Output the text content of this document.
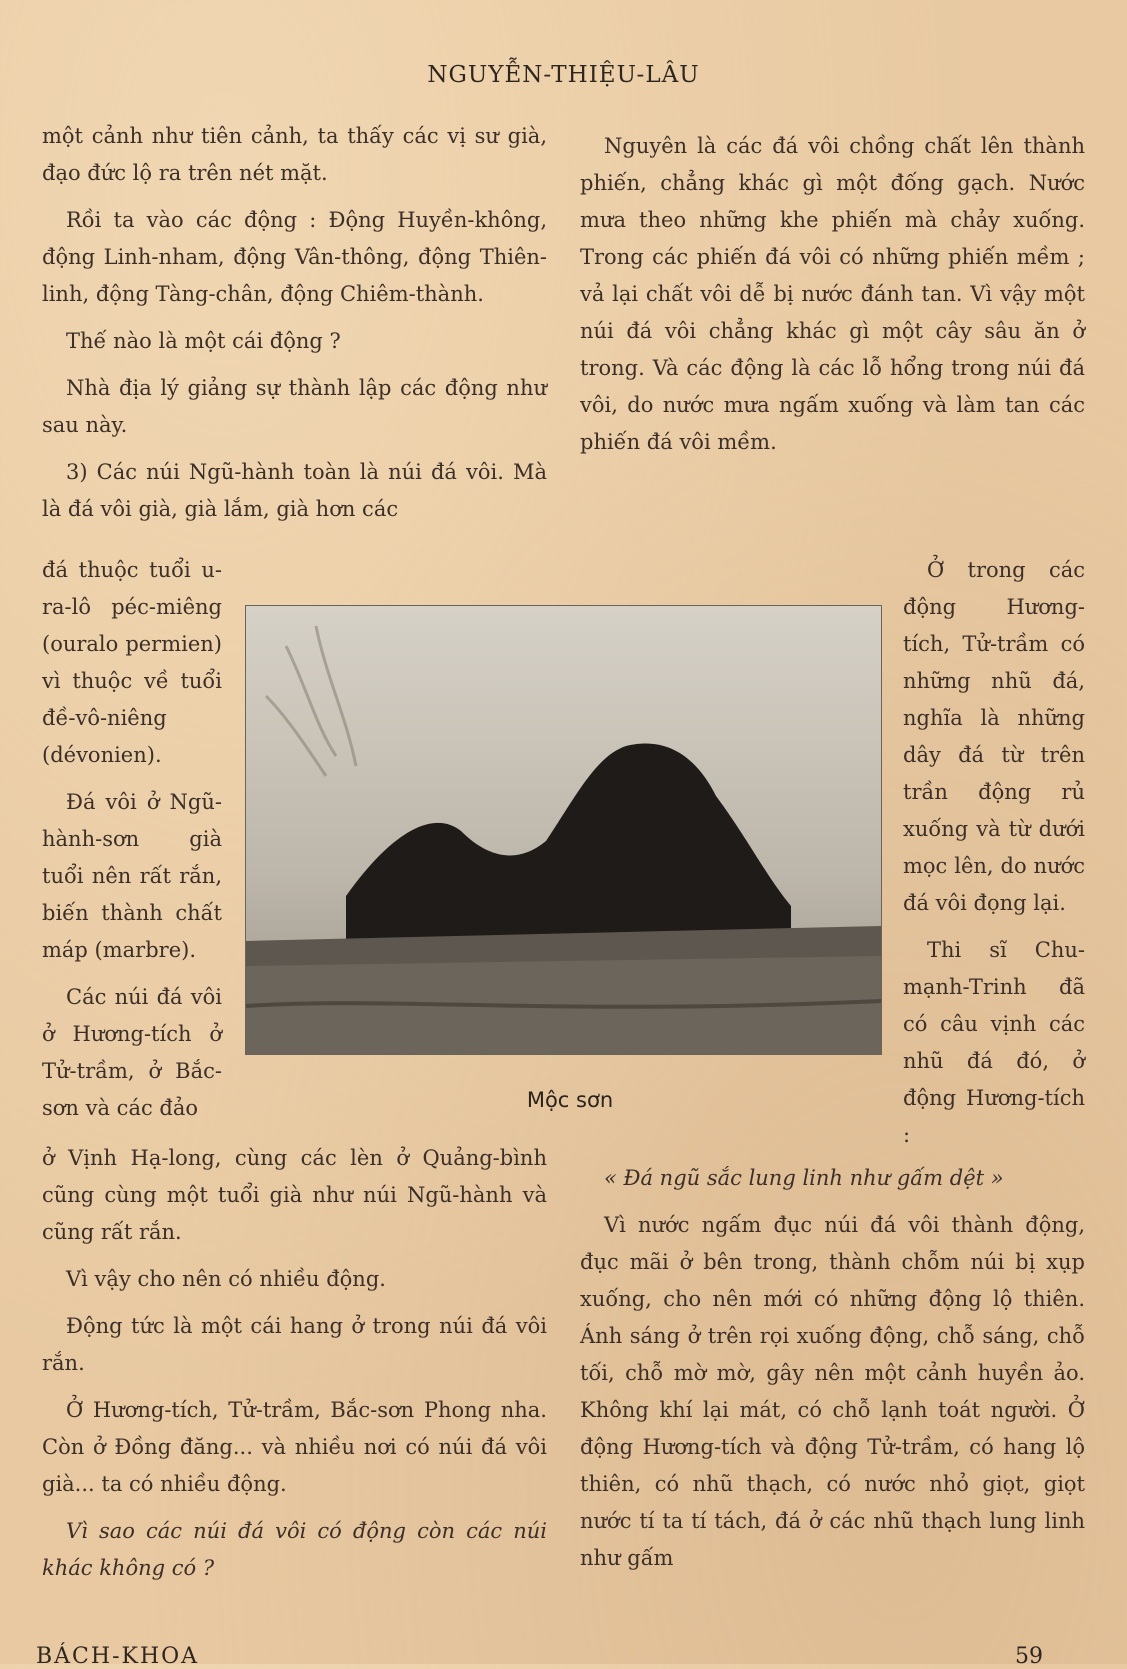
NGUYỄN-THIỆU-LÂU

một cảnh như tiên cảnh, ta thấy các vị sư già, đạo đức lộ ra trên nét mặt.

Rồi ta vào các động : Động Huyền-không, động Linh-nham, động Vân-thông, động Thiên-linh, động Tàng-chân, động Chiêm-thành.

Thế nào là một cái động ?

Nhà địa lý giảng sự thành lập các động như sau này.

3) Các núi Ngũ-hành toàn là núi đá vôi. Mà là đá vôi già, già lắm, già hơn các

đá thuộc tuổi u-ra-lô péc-miêng (ouralo permien) vì thuộc về tuổi đề-vô-niêng (dévonien).

Đá vôi ở Ngũ-hành-sơn già tuổi nên rất rắn, biến thành chất máp (marbre).

Các núi đá vôi ở Hương-tích ở Tử-trầm, ở Bắc-sơn và các đảo	Mộc sơn

ở Vịnh Hạ-long, cùng các lèn ở Quảng-bình cũng cùng một tuổi già như núi Ngũ-hành và cũng rất rắn.

Vì vậy cho nên có nhiều động.

Động tức là một cái hang ở trong núi đá vôi rắn.

Ở Hương-tích, Tử-trầm, Bắc-sơn Phong nha. Còn ở Đồng đăng... và nhiều nơi có núi đá vôi già... ta có nhiều động.

Vì sao các núi đá vôi có động còn các núi khác không có ?

Nguyên là các đá vôi chồng chất lên thành phiến, chẳng khác gì một đống gạch. Nước mưa theo những khe phiến mà chảy xuống. Trong các phiến đá vôi có những phiến mềm ; vả lại chất vôi dễ bị nước đánh tan. Vì vậy một núi đá vôi chẳng khác gì một cây sâu ăn ở trong. Và các động là các lỗ hổng trong núi đá vôi, do nước mưa ngấm xuống và làm tan các phiến đá vôi mềm.

Ở trong các động Hương-tích, Tử-trầm có những nhũ đá, nghĩa là những dây đá từ trên trần động rủ xuống và từ dưới mọc lên, do nước đá vôi đọng lại.

Thi sĩ Chu-mạnh-Trinh đã có câu vịnh các nhũ đá đó, ở động Hương-tích :

« Đá ngũ sắc lung linh như gấm dệt »

Vì nước ngấm đục núi đá vôi thành động, đục mãi ở bên trong, thành chỗm núi bị xụp xuống, cho nên mới có những động lộ thiên. Ánh sáng ở trên rọi xuống động, chỗ sáng, chỗ tối, chỗ mờ mờ, gây nên một cảnh huyền ảo. Không khí lại mát, có chỗ lạnh toát người. Ở động Hương-tích và động Tử-trầm, có hang lộ thiên, có nhũ thạch, có nước nhỏ giọt, giọt nước tí ta tí tách, đá ở các nhũ thạch lung linh như gấm

BÁCH-KHOA	59
